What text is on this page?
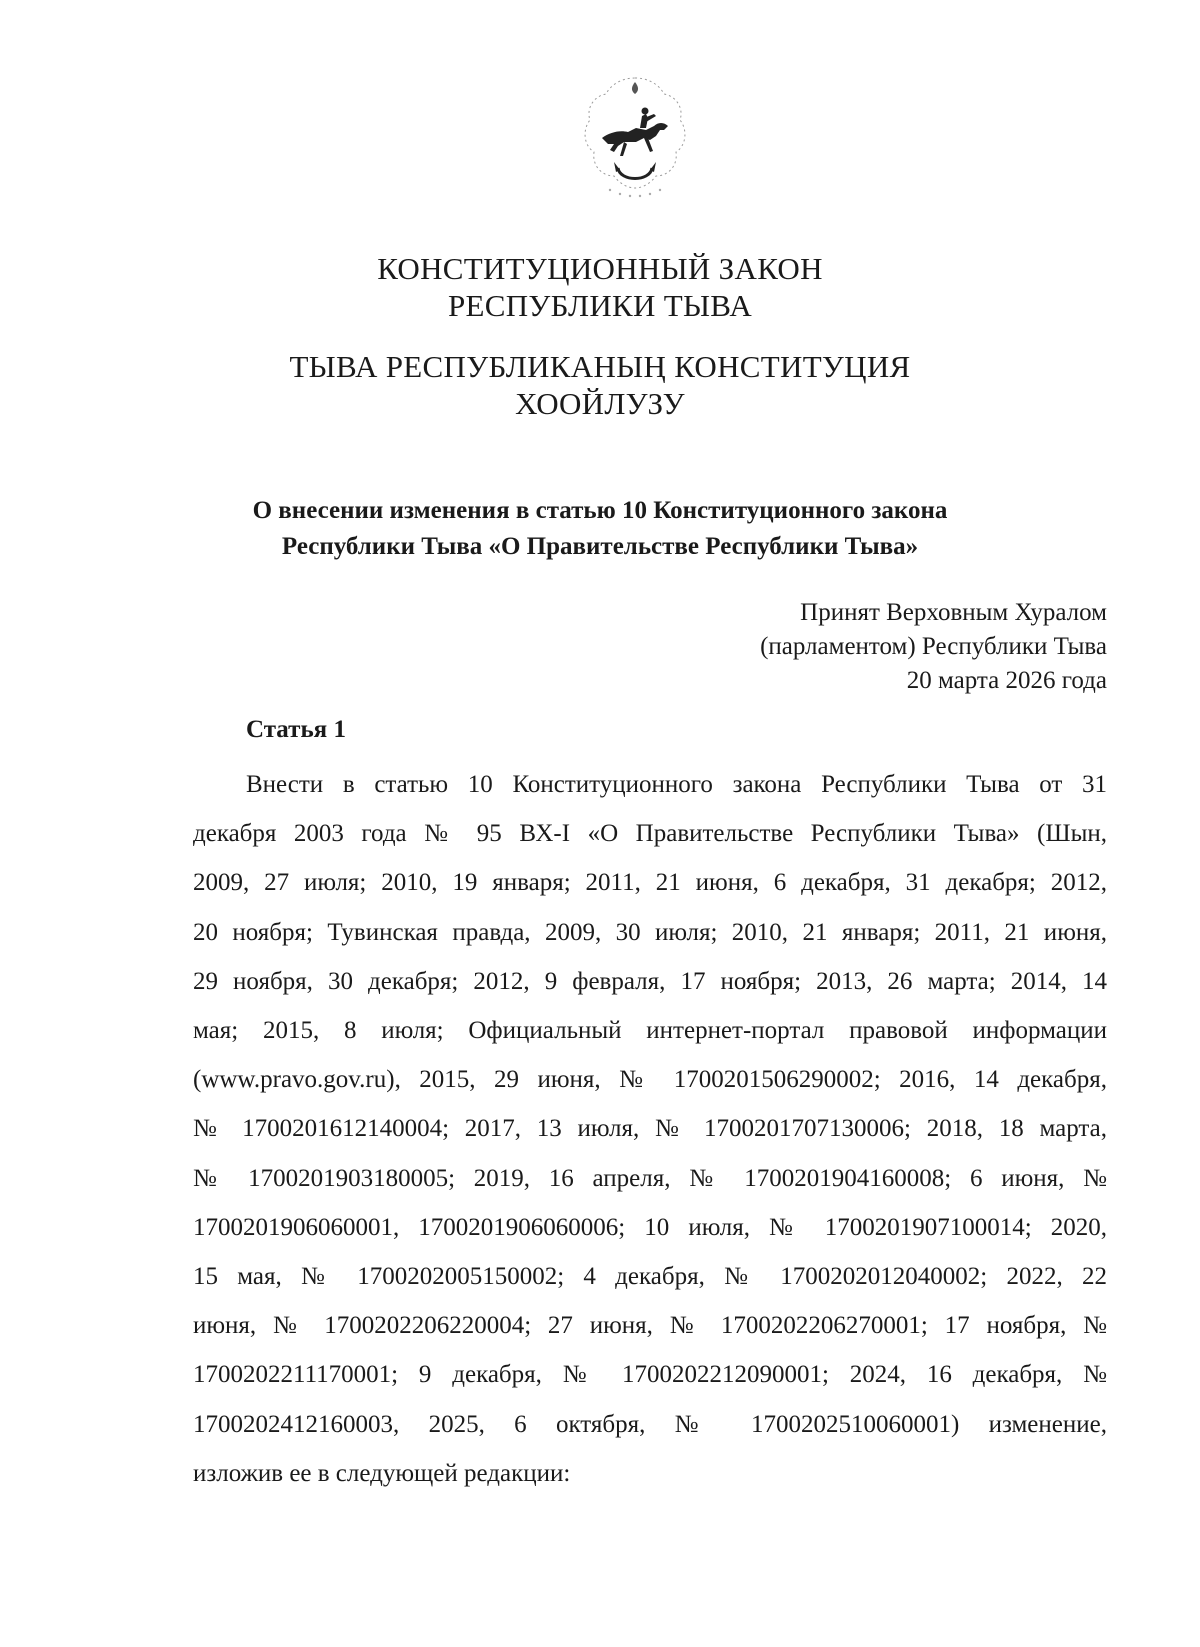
КОНСТИТУЦИОННЫЙ ЗАКОН
РЕСПУБЛИКИ ТЫВА
ТЫВА РЕСПУБЛИКАНЫҢ КОНСТИТУЦИЯ
ХООЙЛУЗУ
О внесении изменения в статью 10 Конституционного закона
Республики Тыва «О Правительстве Республики Тыва»
Принят Верховным Хуралом
(парламентом) Республики Тыва
20 марта 2026 года
Статья 1
Внести в статью 10 Конституционного закона Республики Тыва от 31
декабря 2003 года № 95 ВХ-I «О Правительстве Республики Тыва» (Шын,
2009, 27 июля; 2010, 19 января; 2011, 21 июня, 6 декабря, 31 декабря; 2012,
20 ноября; Тувинская правда, 2009, 30 июля; 2010, 21 января; 2011, 21 июня,
29 ноября, 30 декабря; 2012, 9 февраля, 17 ноября; 2013, 26 марта; 2014, 14
мая; 2015, 8 июля; Официальный интернет-портал правовой информации
(www.pravo.gov.ru), 2015, 29 июня, № 1700201506290002; 2016, 14 декабря,
№ 1700201612140004; 2017, 13 июля, № 1700201707130006; 2018, 18 марта,
№ 1700201903180005; 2019, 16 апреля, № 1700201904160008; 6 июня, №
1700201906060001, 1700201906060006; 10 июля, № 1700201907100014; 2020,
15 мая, № 1700202005150002; 4 декабря, № 1700202012040002; 2022, 22
июня, № 1700202206220004; 27 июня, № 1700202206270001; 17 ноября, №
1700202211170001; 9 декабря, № 1700202212090001; 2024, 16 декабря, №
1700202412160003, 2025, 6 октября, № 1700202510060001) изменение,
изложив ее в следующей редакции:
